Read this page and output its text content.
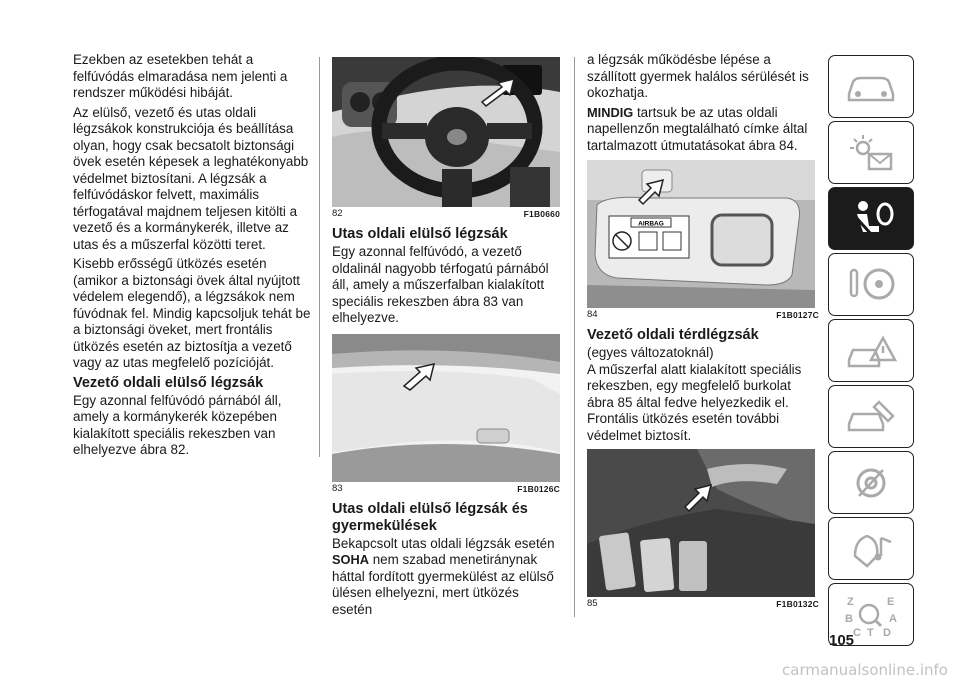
Ezekben az esetekben tehát a felfúvódás elmaradása nem jelenti a rendszer működési hibáját.

Az elülső, vezető és utas oldali légzsákok konstrukciója és beállítása olyan, hogy csak becsatolt biztonsági övek esetén képesek a leghatékonyabb védelmet biztosítani. A légzsák a felfúvódáskor felvett, maximális térfogatával majdnem teljesen kitölti a vezető és a kormánykerék, illetve az utas és a műszerfal közötti teret.

Kisebb erősségű ütközés esetén (amikor a biztonsági övek által nyújtott védelem elegendő), a légzsákok nem fúvódnak fel. Mindig kapcsoljuk tehát be a biztonsági öveket, mert frontális ütközés esetén az biztosítja a vezető vagy az utas megfelelő pozícióját.

Vezető oldali elülső légzsák

Egy azonnal felfúvódó párnából áll, amely a kormánykerék közepében kialakított speciális rekeszben van elhelyezve ábra 82.

82	F1B0660
Utas oldali elülső légzsák

Egy azonnal felfúvódó, a vezető oldalinál nagyobb térfogatú párnából áll, amely a műszerfalban kialakított speciális rekeszben ábra 83 van elhelyezve.

83	F1B0126C
Utas oldali elülső légzsák és gyermekülések

Bekapcsolt utas oldali légzsák esetén SOHA nem szabad menetiránynak háttal fordított gyermekülést az elülső ülésen elhelyezni, mert ütközés esetén

a légzsák működésbe lépése a szállított gyermek halálos sérülését is okozhatja.

MINDIG tartsuk be az utas oldali napellenzőn megtalálható címke által tartalmazott útmutatásokat ábra 84.

AIRBAG
84	F1B0127C
Vezető oldali térdlégzsák

(egyes változatoknál)

A műszerfal alatt kialakított speciális rekeszben, egy megfelelő burkolat ábra 85 által fedve helyezkedik el. Frontális ütközés esetén további védelmet biztosít.

85	F1B0132C	Z	E
B	A
C T D
105
carmanualsonline.info
